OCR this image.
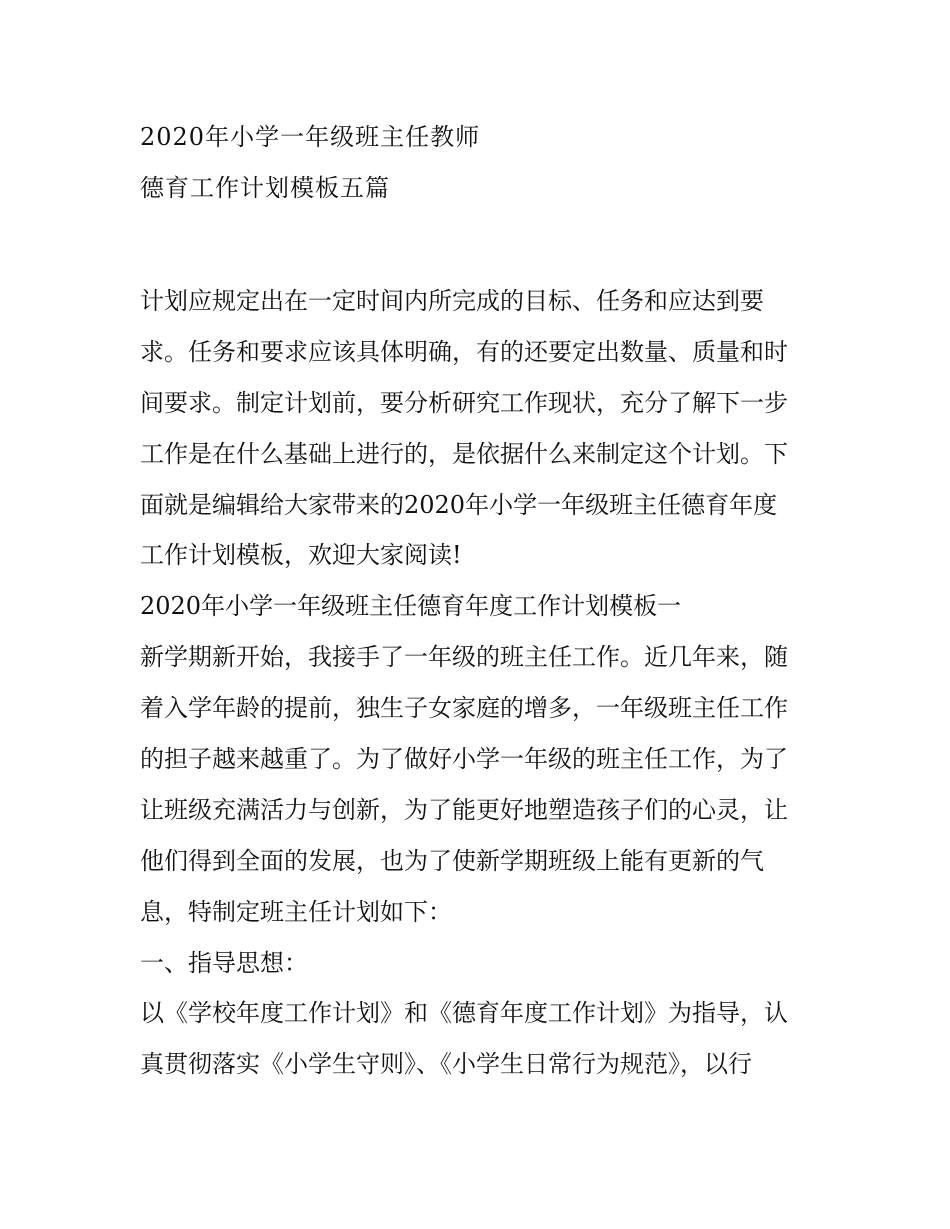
2020年小学一年级班主任教师
德育工作计划模板五篇
计划应规定出在一定时间内所完成的目标、任务和应达到要
求。任务和要求应该具体明确，有的还要定出数量、质量和时
间要求。制定计划前，要分析研究工作现状，充分了解下一步
工作是在什么基础上进行的，是依据什么来制定这个计划。下
面就是编辑给大家带来的2020年小学一年级班主任德育年度
工作计划模板，欢迎大家阅读!
2020年小学一年级班主任德育年度工作计划模板一
新学期新开始，我接手了一年级的班主任工作。近几年来，随
着入学年龄的提前，独生子女家庭的增多，一年级班主任工作
的担子越来越重了。为了做好小学一年级的班主任工作，为了
让班级充满活力与创新，为了能更好地塑造孩子们的心灵，让
他们得到全面的发展，也为了使新学期班级上能有更新的气
息，特制定班主任计划如下：
一、指导思想：
以《学校年度工作计划》和《德育年度工作计划》为指导，认
真贯彻落实《小学生守则》、《小学生日常行为规范》，以行
